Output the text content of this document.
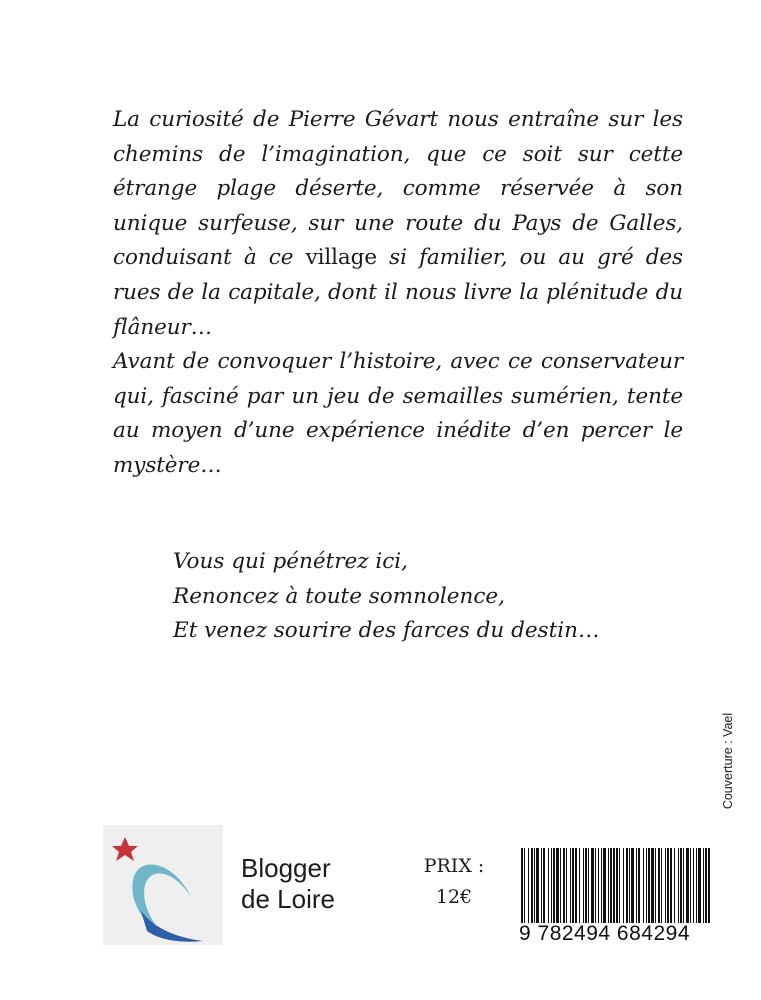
La curiosité de Pierre Gévart nous entraîne sur les chemins de l’imagination, que ce soit sur cette étrange plage déserte, comme réservée à son unique surfeuse, sur une route du Pays de Galles, conduisant à ce village si familier, ou au gré des rues de la capitale, dont il nous livre la plénitude du flâneur…

Avant de convoquer l’histoire, avec ce conservateur qui, fasciné par un jeu de semailles sumérien, tente au moyen d’une expérience inédite d’en percer le mystère…

Vous qui pénétrez ici,
Renoncez à toute somnolence,
Et venez sourire des farces du destin…
Couverture : Vael
Blogger
de Loire
PRIX :
12€
9 782494 684294
